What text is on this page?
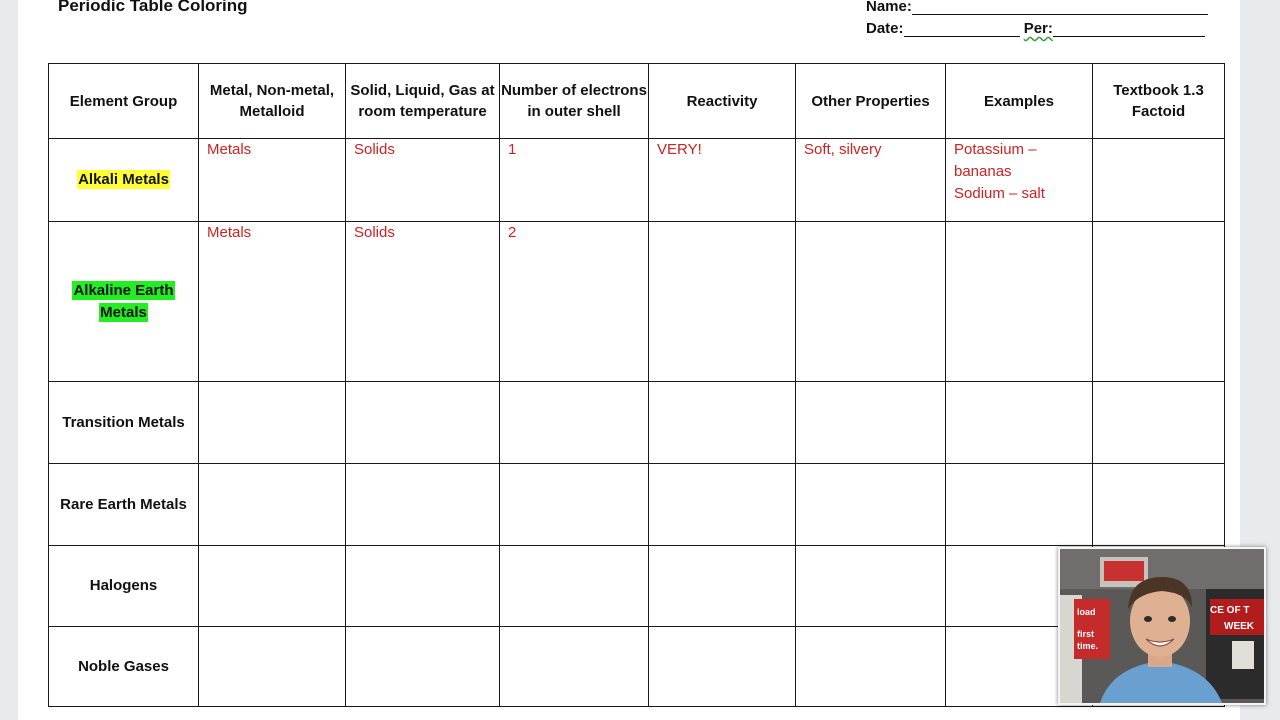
Periodic Table Coloring	Name:
Date:	Per:
Element Group	Metal, Non-metal, Metalloid	Solid, Liquid, Gas at room temperature	Number of electrons in outer shell	Reactivity	Other Properties	Examples	Textbook 1.3 Factoid
Alkali Metals	Metals	Solids	1	VERY!	Soft, silvery	Potassium – bananas
Sodium – salt	

Alkaline Earth Metals	Metals	Solids	2				

Transition Metals	

Rare Earth Metals	

Halogens	

Noble Gases	

load
first
time.
CE OF T
WEEK
